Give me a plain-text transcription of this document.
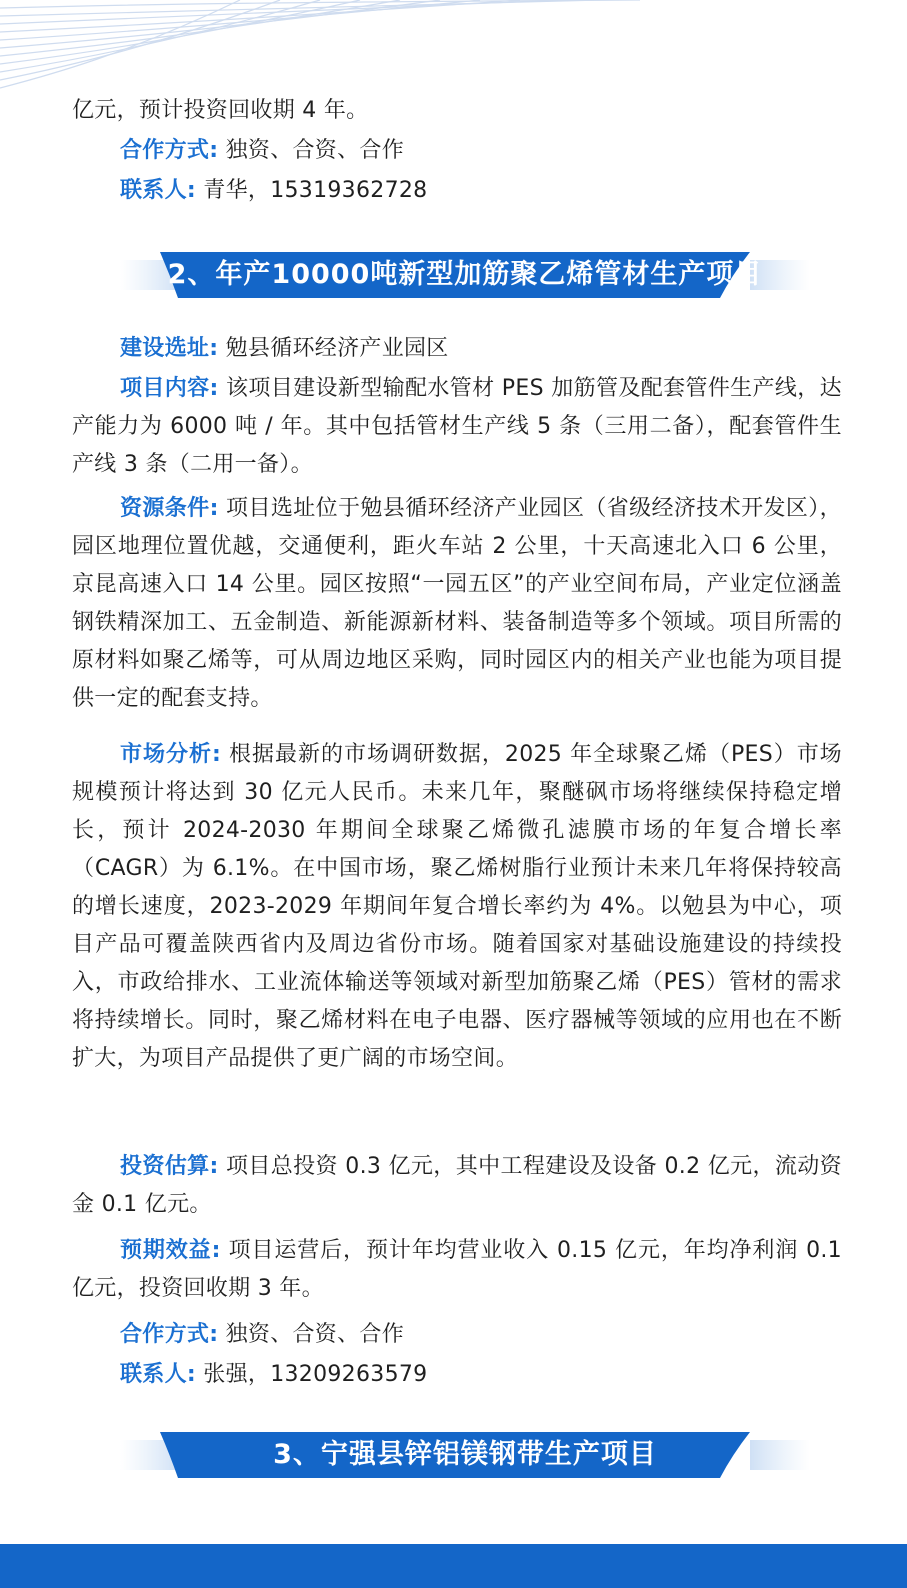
亿元，预计投资回收期 4 年。

合作方式: 独资、合资、合作

联系人: 青华，15319362728

2、年产10000吨新型加筋聚乙烯管材生产项目

建设选址: 勉县循环经济产业园区

项目内容: 该项目建设新型输配水管材 PES 加筋管及配套管件生产线，达产能力为 6000 吨 / 年。其中包括管材生产线 5 条（三用二备），配套管件生产线 3 条（二用一备）。

资源条件: 项目选址位于勉县循环经济产业园区（省级经济技术开发区），园区地理位置优越，交通便利，距火车站 2 公里，十天高速北入口 6 公里，京昆高速入口 14 公里。园区按照“一园五区”的产业空间布局，产业定位涵盖钢铁精深加工、五金制造、新能源新材料、装备制造等多个领域。项目所需的原材料如聚乙烯等，可从周边地区采购，同时园区内的相关产业也能为项目提供一定的配套支持。

市场分析: 根据最新的市场调研数据，2025 年全球聚乙烯（PES）市场规模预计将达到 30 亿元人民币。未来几年，聚醚砜市场将继续保持稳定增长，预计 2024-2030 年期间全球聚乙烯微孔滤膜市场的年复合增长率（CAGR）为 6.1%。在中国市场，聚乙烯树脂行业预计未来几年将保持较高的增长速度，2023-2029 年期间年复合增长率约为 4%。以勉县为中心，项目产品可覆盖陕西省内及周边省份市场。随着国家对基础设施建设的持续投入，市政给排水、工业流体输送等领域对新型加筋聚乙烯（PES）管材的需求将持续增长。同时，聚乙烯材料在电子电器、医疗器械等领域的应用也在不断扩大，为项目产品提供了更广阔的市场空间。

投资估算: 项目总投资 0.3 亿元，其中工程建设及设备 0.2 亿元，流动资金 0.1 亿元。

预期效益: 项目运营后，预计年均营业收入 0.15 亿元，年均净利润 0.1 亿元，投资回收期 3 年。

合作方式: 独资、合资、合作

联系人: 张强，13209263579

3、宁强县锌铝镁钢带生产项目
